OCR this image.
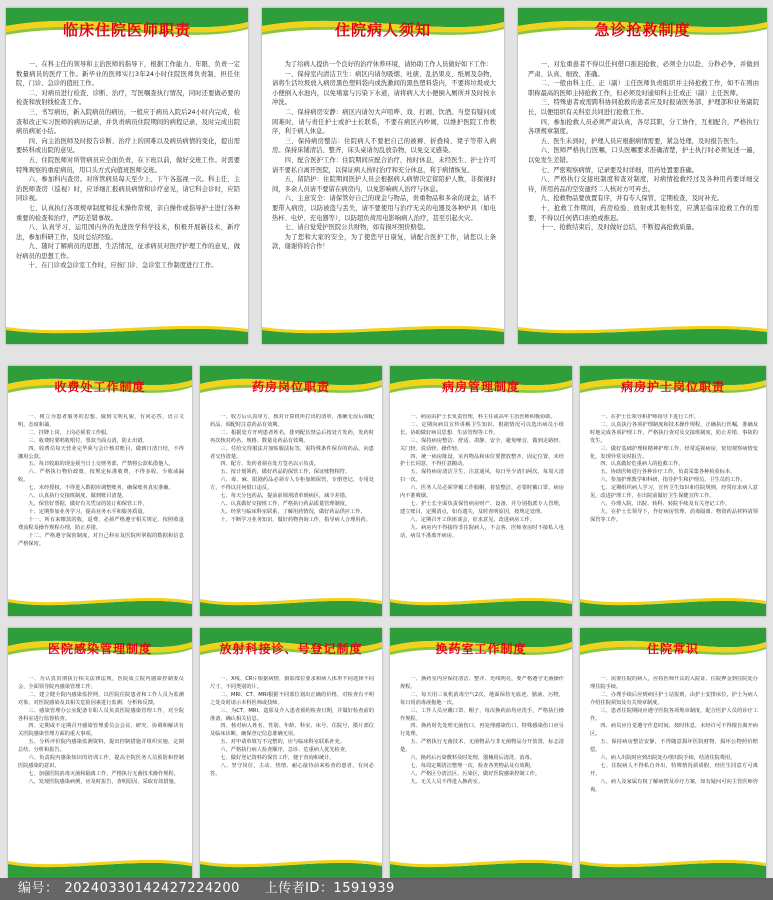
临床住院医师职责

一、在科主任的领导和主治医师的指导下，根据工作能力、年限，负责一定数量病员的医疗工作。新毕业的医师实行3年24小时住院医师负责制，担任住院、门诊、急诊的值班工作。

二、对病员进行检查、诊断、治疗，写医嘱查执行情况，同时还要做必要的检查和放射线检查工作。

三、书写病历，新入院病员的病历，一般应于病员入院后24小时内完成，检查和改正实习医师的病历记录，并负责病员住院期间的病程记录，及时完成出院病员病案小结。

四、向主治医师及时报告诊断、治疗上的困难以及病员病情的变化，提出需要转科或出院的意见。

五、住院医师对所管病员应全面负责，在下班以前，做好交班工作。对需要特殊观察的重症病员，用口头方式向值班医师交班。

六、参加科内查房。对所管病员每天至少上、下午各巡视一次。科主任、主治医师查房（巡视）时，应详细汇报病员病情和诊疗意见，请它科会诊时，应陪同诊视。

七、认真执行各项规章制度和技术操作常规，亲自操作或指导护士进行各种重要的检查和治疗，严防差错事故。

八、认真学习、运用国内外的先进医学科学技术，积极开展新技术、新疗法，参加科研工作，及时总结经验。

九、随时了解病员的思想、生活情况，征求病员对医疗护理工作的意见，做好病员的思想工作。

十、在门诊或急诊室工作时，应按门诊、急诊室工作制度进行工作。

住院病人须知

为了给病人提供一个良好的治疗休养环境，请协助工作人员做好如下工作：

一、保持室内清洁卫生：病区内请勿吸烟、吐痰、乱扔果皮、纸屑及杂物，请将生活垃圾放入病房黑色塑料袋内或洗漱间的黑色塑料袋内，不要将垃圾或大小便倒入水池内，以免堵塞与污染下水道，请将病人大小便倒入厕所并及时按水冲洗。

二、保持病房安静：病区内请勿大声喧哗、戏、打闹、饮酒。当您有疑问或困难时，请与责任护士或护士长联系，不要在病区内吵闹，以维护医院工作秩序，利于病人休息。

三、保持病房整洁：住院病人不要把自己的被褥、折叠椅、凳子等带入病房。保持床铺清洁、整齐，床头桌请勿乱放杂物，以免交叉感染。

四、配合医护工作：住院期间应配合治疗，按时休息，未经医生、护士许可请不要私自离开医院，以保证病人按时治疗和充分休息，利于病情恢复。

五、留陪护：住院期间医护人员会根据病人病情决定留陪护人数，非探视时间，多余人员请不要留在病房内，以免影响病人治疗与休息。

六、主意安全：请保管好自己的现金与物品，贵重物品和多余的现金，请不要带入病房，以防被盗与丢失，请不要使用与治疗无关的电器及各种炉具（如电热杯、电炉、充电器等），以防超负荷用电影响病人治疗，甚至引起火灾。

七、请自觉爱护医院公共财物，如有损坏照价赔偿。

为了您和大家的安全，为了使您早日康复，请配合医护工作，请您以上条款，谢谢你的合作！

急诊抢救制度

一、对危重患者不得以任何借口推迟抢救，必须全力以赴，分秒必争，并做到严肃、认真、细致、准确。

二、一般由科主任、正（副）主任医师负责组织并主持抢救工作，如不在则由职称最高的医师主持抢救工作，但必须及时通知科主任或正（副）主任医师。

三、特殊患者或需跨科协同抢救的患者应及时报请医务部、护理部和业务副院长，以便组织有关科室共同进行抢救工作。

四、参加抢救人员必须严肃认真，各尽其职，分工协作，互相配合，严格执行各项规章制度。

五、医生未到时，护理人员应根据病情需要，紧急处理，及时报告医生。

六、医师严格执行医嘱，口头医嘱要求准确清楚，护士执行时必须复述一遍，以免发生差错。

七、严密观察病情，记录要及时详细，用药处置要准确。

八、严格执行交接班制度和查对制度，对病情抢救经过及各种用药要详细交待，所用药品的空安瓿经二人核对方可弃去。

九、抢救物品要放置有序，并有专人保管，定期检查，及时补充。

十、抢救工作期间，药房检验、放射或其他科室，应满足临床抢救工作的需要，不得以任何借口拒绝或推迟。

十一、抢救结束后，及时做好总结，不断提高抢救质量。

收费处工作制度

一、树立为患者服务的思想，做到文明礼貌，有问必答，语言文明，态度和蔼。

二、挂牌上岗，上岗必须着工作服。

三、收费时要唱收唱付，票款当面点清，防止出错。

四、收费员每天营业完毕须与会计核对账目，做到日清日结，不得挪用公款。

五、每日收取的现金须当日上交财务部，严禁将公款私借他人。

六、严格执行物价政策，按规定标准收费，不得多收、少收或漏收。

七、未经授权，不得进入数据库调整账务，确保账务真实准确。

八、认真执行交接班制度，做到账目清楚。

九、保管好票据，做好有关凭证的装订和保管工作。

十、定期参加业务学习，提高业务水平和服务质量。

十一、所有来缴款的收，退费，必须严格遵守相关规定，按照收退费流程及操作规程办理，防止差错。

十二、严格遵守保密制度，对自己科室及医院所掌握的数据和信息严格保密。

药房岗位职责

一、收方后认真审方，核对计算机所打出的清单，准确无误后调配药品，调配时注意药品有效期。

二、根据处方开列患者姓名，排列配伍禁忌后按处方发药，发药时再次核对药名、规格、数量及药品有效期。

三、付给交待服法并加贴服法标签，需特殊条件保存的药品，向患者交待清楚。

四、配方、发药者须在处方签名以示负责。

五、按计划领药，做好药品的保管工作，保证账物相符。

六、毒、麻、限剧药品必须专人专柜加锁保管，专册登记，专用处方，不得以任何借口违反。

七、每天分包药品，提前前调剂清单到病区，减少差错。

八、认真做好交接班工作，严格执行药品质量管理制度。

九、经常与临床科室联系，了解用药情况，做好药品供应工作。

十、不断学习业务知识，做好药物咨询工作，指导病人合理用药。

病房管理制度

一、病房由护士长负责管理，科主任或高年主治医师积极协助。

二、定期向病员宣传讲解卫生知识，根据情况可以选出病员小组长，协助做好病员思想、生活管理等工作。

三、保持病房整洁、舒适、肃静、安全，避免噪音，做到走路轻、关门轻、说话轻、操作轻。

四、统一病房陈设，室内物品和床位要摆放整齐，固定位置，未经护士长同意，不得任意搬动。

五、保持病房清洁卫生，注意通风，每日至少清扫两次，每周大清扫一次。

六、医务人员必须穿戴工作服帽，着装整洁，必要时戴口罩，病房内不准吸烟。

七、护士长全面负责保管病房财产、设备，并分别指派专人管理，建立账目，定期清点，如有遗失，及时查明原因，按规定处理。

八、定期召开工休座谈会，征求意见，改进病房工作。

九、病房内不得接待非住院病人，不会客，医师查房时不接私人电话，病员不准离开病房。

病房护士岗位职责

一、在护士长领导和护师指导下进行工作。

二、认真执行各项护理制度和技术操作规程，正确执行医嘱，准确及时地完成各项护理工作，严格执行查对及交接班制度，防止差错、事故的发生。

三、做好基础护理和精神护理工作，经常巡视病房，密切观察病情变化，发现异常及时报告。

四、认真做好危重病人的抢救工作。

五、协助医师进行各种诊疗工作，负责采集各种检验标本。

六、参加护理教学和科研，指导护生和护理员、卫生员的工作。

七、定期组织病人学习，宣传卫生知识和住院规则，经常征求病人意见，改进护理工作，在出院前做好卫生保健宣传工作。

八、办理入院、出院、转科、转院手续及有关登记工作。

九、在护士长领导下，作好病房管理、消毒隔离、物资药品材料请领保管等工作。

医院感染管理制度

一、为认真贯彻执行相关法律法规，医院成立院内感染控制委员会，全面领导院内感染管理工作。

二、建立健全院内感染监控网，以医院住院患者和工作人员为监测对象，对医院感染及其相关危险因素进行监测、分析和反馈。

三、感染管理办公室配备专职人员负责医院感染管理工作，对全院各科室进行监督检查。

四、定期或不定期召开感染管理委员会会议，研究、协调和解决有关医院感染管理方面的重大事项。

五、分析评价院内感染监测资料，提出控制措施并组织实施，定期总结、分析和报告。

六、负责院内感染知识的培训工作，提高全院医务人员预防和控制医院感染的意识。

七、加强医院消毒灭菌和隔离工作，严格执行无菌技术操作规程。

八、发现医院感染病例，应及时报告，查明原因，采取有效措施。

放射科接诊、号登记制度

一、X线、CR片根据病情，摄影部位要求和病人体形不同选择不同尺寸，不同类别的片。

二、MRI、CT、MRI根据不同部位划出正确的价格，对检查有不明之处及时请示本科医师或技师。

三、为CT、MRI、造影及介入患者预约检查日期，并做好检查前的准备，确认相关信息。

四、核对病人姓名、性别、年龄、科室、床号、住院号，摄片部位及临床诊断，确保登记信息准确无误。

五、对申请单填写不完整的，应与临床科室联系补充。

六、严格执行病人检查顺序，急诊、危重病人优先检查。

七、做好登记资料的保管工作，便于查询和统计。

八、坚守岗位，主动、热情、耐心接待前来检查的患者，有问必答。

换药室工作制度

一、换药室内应保持清洁、整齐、光线明亮，要严格遵守无菌操作规程。

二、每天用三氧机消毒空气2次，地面保持无血迹、脓液、污物，每日用消毒液拖地一次。

三、工作人员应戴口罩、帽子，每次换药前均应洗手，严格执行操作规程。

四、换药时先处理无菌伤口，再处理感染伤口，特殊感染伤口应另行处理。

五、严格执行无菌技术，无菌物品与非无菌物品分开放置，标志清楚。

六、换药后污染敷料及时处理，器械用后清洗、消毒。

七、每周定期清洁整理一次，检查各类物品及有效期。

八、严格区分清洁区、污染区，做好医院感染控制工作。

九、无关人员不得进入换药室。

住院常识

一、需要住院的病人，应持医师开具的入院证、住院押金到住院处办理住院手续。

二、办理手续后应到病区护士站报到，由护士安排床位，护士为病人介绍住院须知及有关规章制度。

三、患者住院期间应遵守医院各项规章制度，配合医护人员的诊疗工作。

四、病员应自觉遵守作息时间，按时休息，未经许可不得擅自离开病区。

五、保持病房整洁安静，不得随意损坏医院财物，损坏公物照价赔偿。

六、病人出院时应到出院处办理出院手续，结清住院费用。

七、住院病人不得私自外出，特殊情况须请假，经医生同意方可离开。

八、病人及家属有权了解病情及诊疗方案，如有疑问可向主管医师咨询。

编号： 20240330142427224200 上传者ID：1591939
